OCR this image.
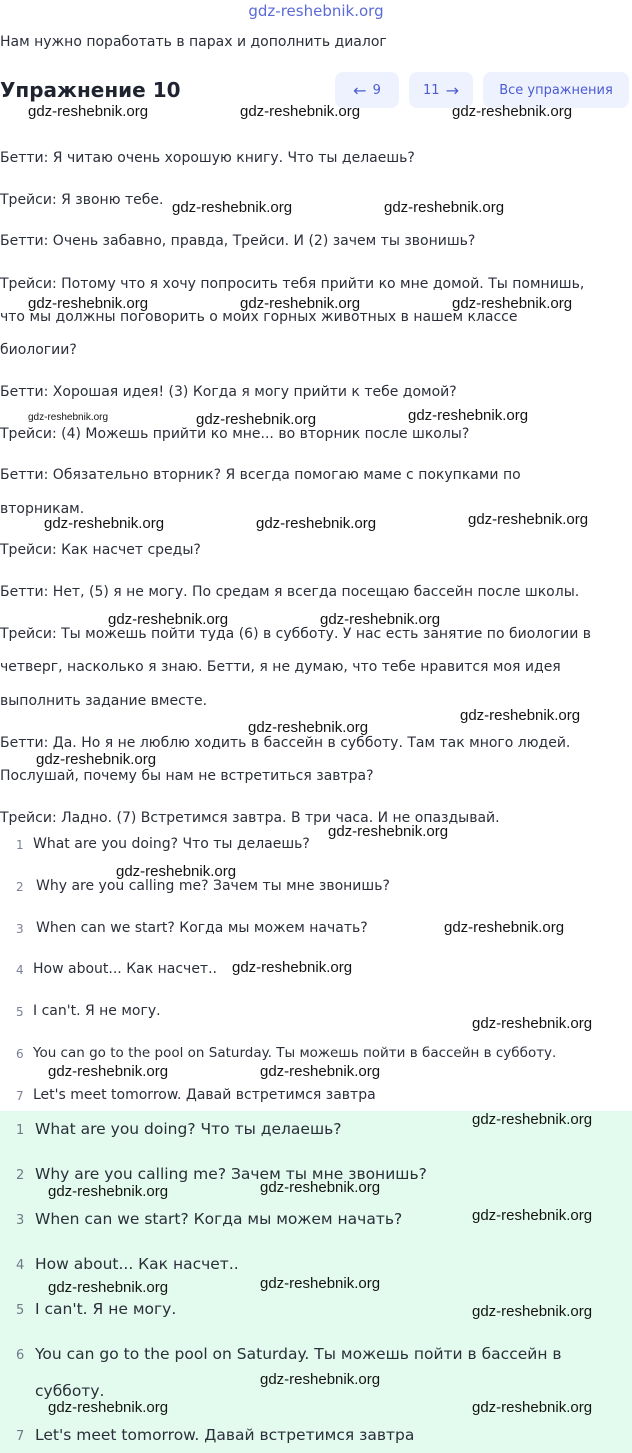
gdz-reshebnik.org
Нам нужно поработать в парах и дополнить диалог
Упражнение 10	← 9	11 →	Все упражнения
Бетти: Я читаю очень хорошую книгу. Что ты делаешь?
Трейси: Я звоню тебе.
Бетти: Очень забавно, правда, Трейси. И (2) зачем ты звонишь?
Трейси: Потому что я хочу попросить тебя прийти ко мне домой. Ты помнишь,
что мы должны поговорить о моих горных животных в нашем классе
биологии?
Бетти: Хорошая идея! (3) Когда я могу прийти к тебе домой?
Трейси: (4) Можешь прийти ко мне... во вторник после школы?
Бетти: Обязательно вторник? Я всегда помогаю маме с покупками по
вторникам.
Трейси: Как насчет среды?
Бетти: Нет, (5) я не могу. По средам я всегда посещаю бассейн после школы.
Трейси: Ты можешь пойти туда (6) в субботу. У нас есть занятие по биологии в
четверг, насколько я знаю. Бетти, я не думаю, что тебе нравится моя идея
выполнить задание вместе.
Бетти: Да. Но я не люблю ходить в бассейн в субботу. Там так много людей.
Послушай, почему бы нам не встретиться завтра?
Трейси: Ладно. (7) Встретимся завтра. В три часа. И не опаздывай.
1 What are you doing? Что ты делаешь?
2 Why are you calling me? Зачем ты мне звонишь?
3 When can we start? Когда мы можем начать?
4 How about... Как насчет..
5 I can't. Я не могу.
6 You can go to the pool on Saturday. Ты можешь пойти в бассейн в субботу.
7 Let's meet tomorrow. Давай встретимся завтра
1 What are you doing? Что ты делаешь?
2 Why are you calling me? Зачем ты мне звонишь?
3 When can we start? Когда мы можем начать?
4 How about... Как насчет..
5 I can't. Я не могу.
6 You can go to the pool on Saturday. Ты можешь пойти в бассейн в
субботу.
7 Let's meet tomorrow. Давай встретимся завтра
gdz-reshebnik.org	gdz-reshebnik.org	gdz-reshebnik.org
gdz-reshebnik.org	gdz-reshebnik.org
gdz-reshebnik.org	gdz-reshebnik.org	gdz-reshebnik.org
gdz-reshebnik.org	gdz-reshebnik.org	gdz-reshebnik.org
gdz-reshebnik.org	gdz-reshebnik.org	gdz-reshebnik.org
gdz-reshebnik.org	gdz-reshebnik.org
gdz-reshebnik.org
gdz-reshebnik.org
gdz-reshebnik.org
gdz-reshebnik.org
gdz-reshebnik.org
gdz-reshebnik.org
gdz-reshebnik.org
gdz-reshebnik.org
gdz-reshebnik.org	gdz-reshebnik.org
gdz-reshebnik.org
gdz-reshebnik.org	gdz-reshebnik.org
gdz-reshebnik.org
gdz-reshebnik.org	gdz-reshebnik.org
gdz-reshebnik.org
gdz-reshebnik.org
gdz-reshebnik.org	gdz-reshebnik.org
